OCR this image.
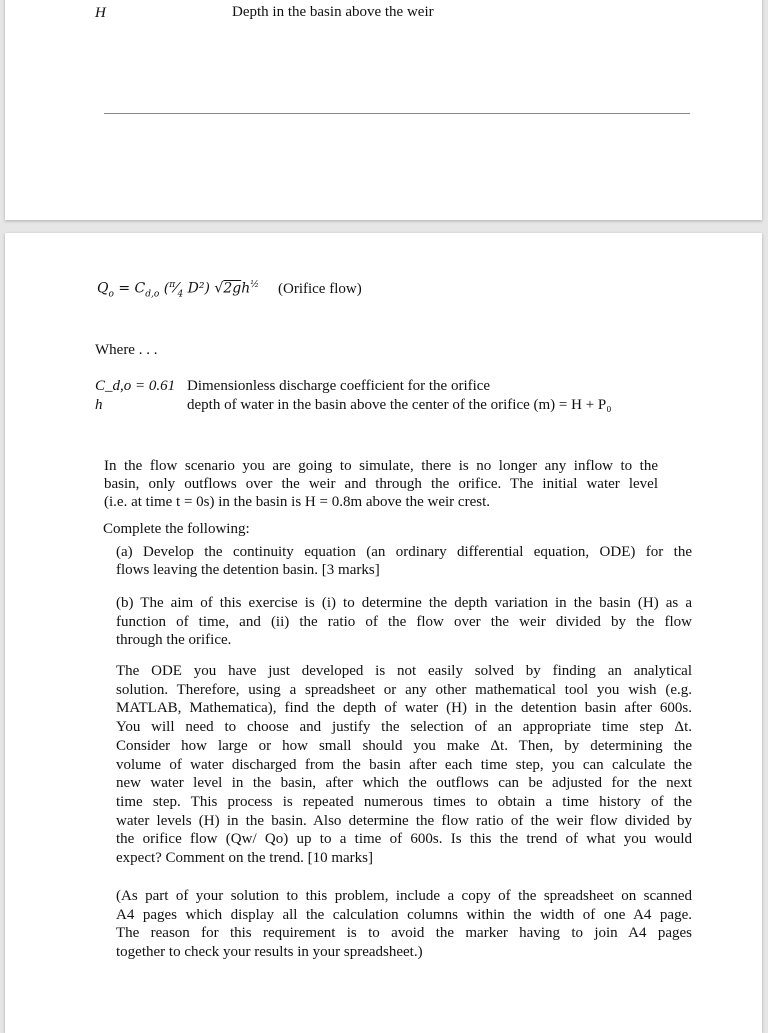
H	Depth in the basin above the weir
$Q_o = C_{d,o}$ ($^\pi⁄_4$ D²) $√2gh^{\frac{1}{2}}$ (Orifice flow)
Where . . .
C_d,o = 0.61 Dimensionless discharge coefficient for the orifice
h	depth of water in the basin above the center of the orifice (m) = H + P₀
Complete the following:
In the flow scenario you are going to simulate, there is no longer any inflow to the
basin, only outflows over the weir and through the orifice. The initial water level
(i.e. at time t = 0s) in the basin is H = 0.8m above the weir crest.
(a) Develop the continuity equation (an ordinary differential equation, ODE) for the
flows leaving the detention basin. [3 marks]
(b) The aim of this exercise is (i) to determine the depth variation in the basin (H) as a
function of time, and (ii) the ratio of the flow over the weir divided by the flow
through the orifice.
The ODE you have just developed is not easily solved by finding an analytical
solution. Therefore, using a spreadsheet or any other mathematical tool you wish (e.g.
MATLAB, Mathematica), find the depth of water (H) in the detention basin after 600s.
You will need to choose and justify the selection of an appropriate time step Δt.
Consider how large or how small should you make Δt. Then, by determining the
volume of water discharged from the basin after each time step, you can calculate the
new water level in the basin, after which the outflows can be adjusted for the next
time step. This process is repeated numerous times to obtain a time history of the
water levels (H) in the basin. Also determine the flow ratio of the weir flow divided by
the orifice flow (Qw/ Qo) up to a time of 600s. Is this the trend of what you would
expect? Comment on the trend. [10 marks]
(As part of your solution to this problem, include a copy of the spreadsheet on scanned
A4 pages which display all the calculation columns within the width of one A4 page.
The reason for this requirement is to avoid the marker having to join A4 pages
together to check your results in your spreadsheet.)
